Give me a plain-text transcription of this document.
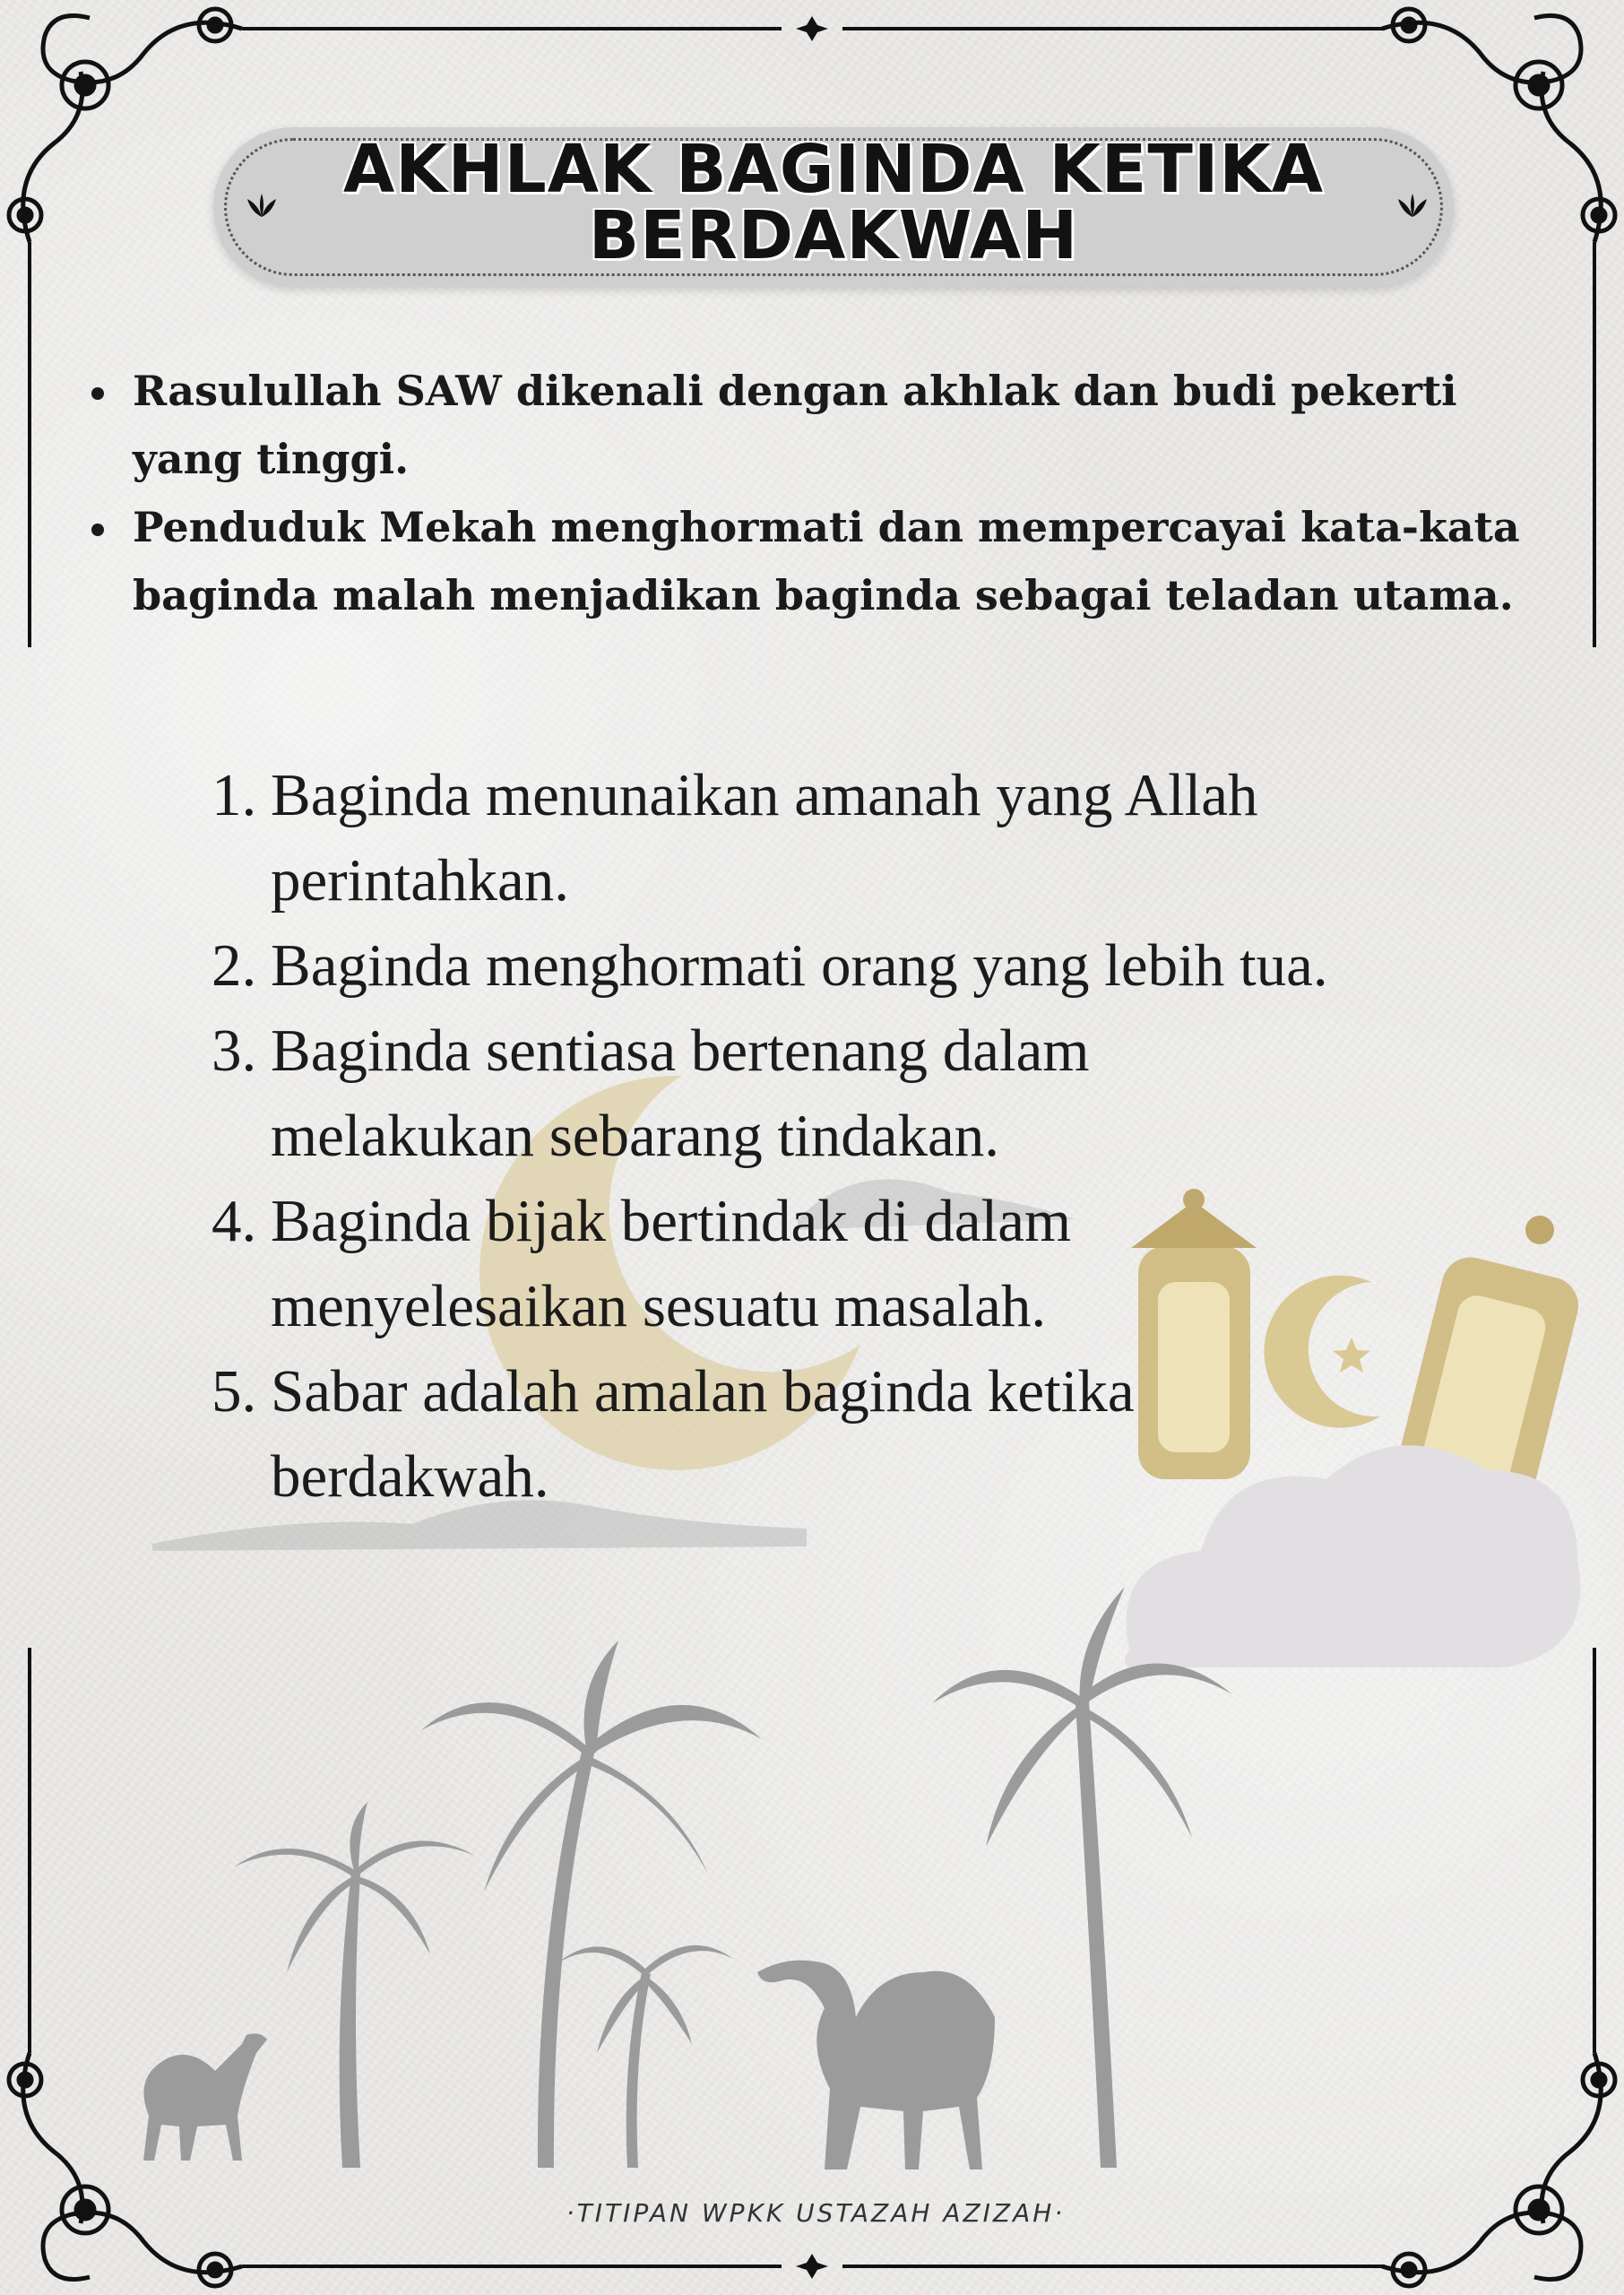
AKHLAK BAGINDA KETIKA
BERDAKWAH
Rasulullah SAW dikenali dengan akhlak dan budi pekerti
yang tinggi.
Penduduk Mekah menghormati dan mempercayai kata-kata
baginda malah menjadikan baginda sebagai teladan utama.
1. Baginda menunaikan amanah yang Allah
perintahkan.
2. Baginda menghormati orang yang lebih tua.
3. Baginda sentiasa bertenang dalam
melakukan sebarang tindakan.
4. Baginda bijak bertindak di dalam
menyelesaikan sesuatu masalah.
5. Sabar adalah amalan baginda ketika
berdakwah.
·TITIPAN WPKK USTAZAH AZIZAH·
